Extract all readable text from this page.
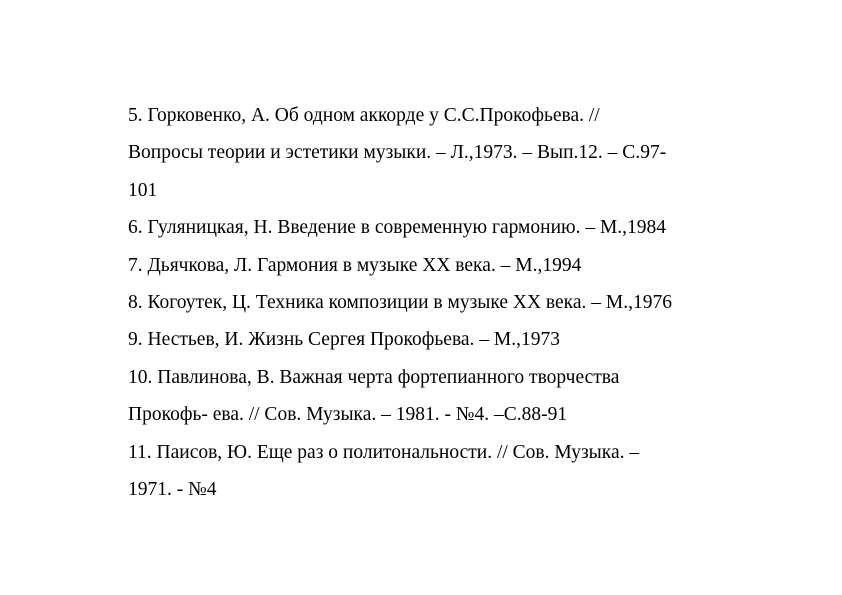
5. Горковенко, А. Об одном аккорде у С.С.Прокофьева. //
Вопросы теории и эстетики музыки. – Л.,1973. – Вып.12. – С.97-
101
6. Гуляницкая, Н. Введение в современную гармонию. – М.,1984
7. Дьячкова, Л. Гармония в музыке XX века. – М.,1994
8. Когоутек, Ц. Техника композиции в музыке XX века. – М.,1976
9. Нестьев, И. Жизнь Сергея Прокофьева. – М.,1973
10. Павлинова, В. Важная черта фортепианного творчества
Прокофь- ева. // Сов. Музыка. – 1981. - №4. –С.88-91
11. Паисов, Ю. Еще раз о политональности. // Сов. Музыка. –
1971. - №4
